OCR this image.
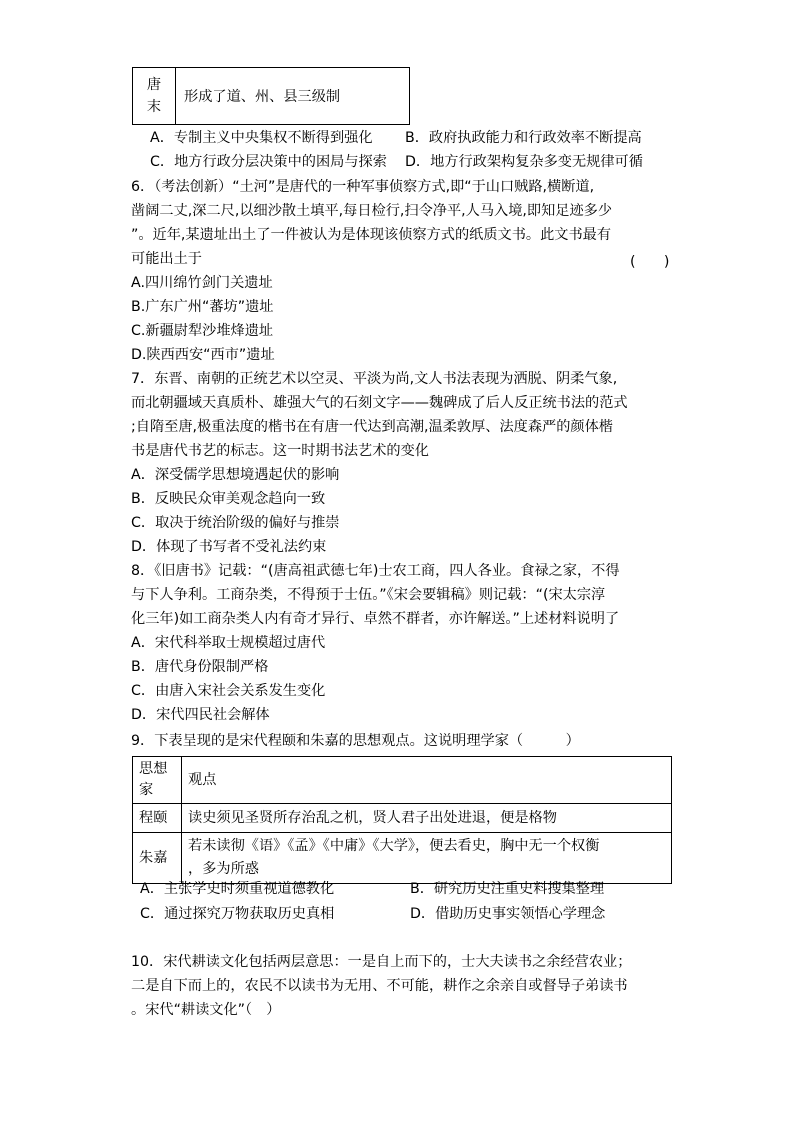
唐
末	形成了道、州、县三级制
A．专制主义中央集权不断得到强化 B．政府执政能力和行政效率不断提高
C．地方行政分层决策中的困局与探索 D．地方行政架构复杂多变无规律可循
6．（考法创新）“土河”是唐代的一种军事侦察方式,即“于山口贼路,横断道,
凿阔二丈,深二尺,以细沙散土填平,每日检行,扫令净平,人马入境,即知足迹多少
”。近年,某遗址出土了一件被认为是体现该侦察方式的纸质文书。此文书最有
可能出土于	(　　)
A.四川绵竹剑门关遗址
B.广东广州“蕃坊”遗址
C.新疆尉犁沙堆烽遗址
D.陕西西安“西市”遗址
7．东晋、南朝的正统艺术以空灵、平淡为尚,文人书法表现为洒脱、阴柔气象,
而北朝疆域天真质朴、雄强大气的石刻文字——魏碑成了后人反正统书法的范式
;自隋至唐,极重法度的楷书在有唐一代达到高潮,温柔敦厚、法度森严的颜体楷
书是唐代书艺的标志。这一时期书法艺术的变化
A．深受儒学思想境遇起伏的影响
B．反映民众审美观念趋向一致
C．取决于统治阶级的偏好与推崇
D．体现了书写者不受礼法约束
8．《旧唐书》记载：“(唐高祖武德七年)士农工商，四人各业。食禄之家，不得
与下人争利。工商杂类，不得预于士伍。”《宋会要辑稿》则记载：“(宋太宗淳
化三年)如工商杂类人内有奇才异行、卓然不群者，亦许解送。”上述材料说明了
A．宋代科举取士规模超过唐代
B．唐代身份限制严格
C．由唐入宋社会关系发生变化
D．宋代四民社会解体
9．下表呈现的是宋代程颐和朱嘉的思想观点。这说明理学家（　　　）
思想
家	观点
程颐	读史须见圣贤所存治乱之机，贤人君子出处进退，便是格物
朱嘉	若未读彻《语》《孟》《中庸》《大学》，便去看史，胸中无一个权衡
，多为所惑
A．主张学史时须重视道德教化	B．研究历史注重史料搜集整理
C．通过探究万物获取历史真相	D．借助历史事实领悟心学理念
10．宋代耕读文化包括两层意思：一是自上而下的，士大夫读书之余经营农业；
二是自下而上的，农民不以读书为无用、不可能，耕作之余亲自或督导子弟读书
。宋代“耕读文化”（　）
